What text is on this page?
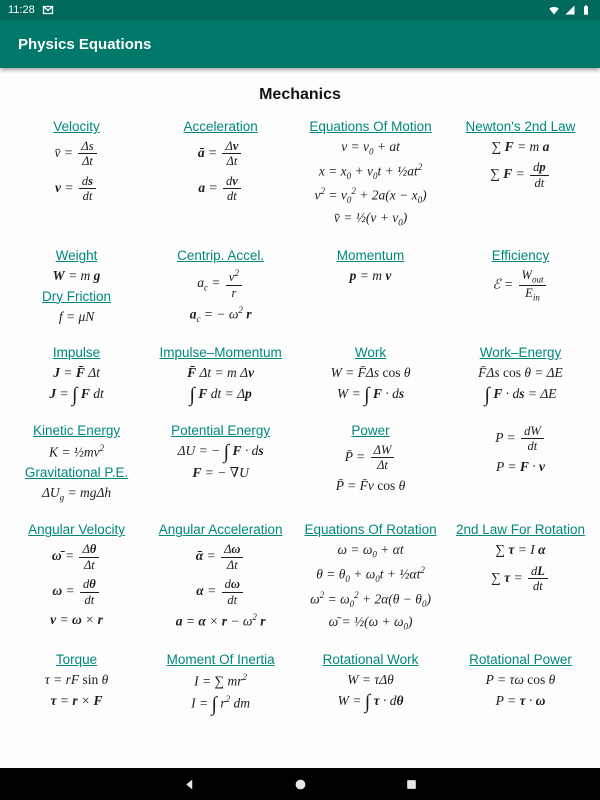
11:28
Physics Equations
Mechanics
Velocity
v̄ = $\frac{\Delta s}{\Delta t}$
$v = \frac{ds}{dt}$
Acceleration
ā = $\frac{\Delta v}{\Delta t}$
$a = \frac{dv}{dt}$
Equations Of Motion
$v = v_0$ + at
$x = x_0 + v_0t$ + $\frac{1}{2}at^2$
$v^2 = v_0^2 + 2a(x - x_0)$
v̄ = ½(v + $v_0$)
Newton's 2nd Law
∑ F = m a
∑ $F = \frac{dp}{dt}$
Weight
W = m g
Dry Friction
f = μN
Centrip. Accel.
$a_c = \frac{v^2}{r}$
$a_c$ = − $\omega^2$ r
Momentum
p = m v
Efficiency
ℰ =
$W_{out}$
$E_{in}$
Impulse
J = F̄ Δt
J = ∫ F dt
Impulse–Momentum
F̄ Δt = m Δv
∫ F dt = Δp
Work
W = F̄Δs cos θ
W = ∫ F · ds
Work–Energy
F̄Δs cos θ = ΔE
∫ F · ds = ΔE
Kinetic Energy
$K = \frac{1}{2}mv^2$
Gravitational P.E.
$\Delta U_g = mg\Delta h$
Potential Energy
ΔU = − ∫ F · ds
F = − ∇U
Power
P̄ = $\frac{\Delta W}{\Delta t}$
P̄ = F̄v cos θ
$P = \frac{dW}{dt}$
P = F · v
Angular Velocity
ω̄ = $\frac{\Delta\theta}{\Delta t}$
$\omega = \frac{d\theta}{dt}$
v = ω × r
Angular Acceleration
ᾱ = $\frac{\Delta\omega}{\Delta t}$
$\alpha = \frac{d\omega}{dt}$
$a = \alpha \times r - \omega^2$ r
Equations Of Rotation
$\omega = \omega_0 + \alpha t$
$\theta = \theta_0 + \omega_0t$ + $\frac{1}{2}\alpha t^2$
$\omega^2 = \omega_0^2 + 2\alpha(\theta - \theta_0)$
ω̄ = ½(ω + $\omega_0$)
2nd Law For Rotation
∑ τ = I α
∑ $\tau = \frac{dL}{dt}$
Torque
τ = rF sin θ
τ = r × F
Moment Of Inertia
I = ∑ $mr^2$
I = ∫ $r^2$ dm
Rotational Work
W = τΔθ
W = ∫ τ · dθ
Rotational Power
P = τω cos θ
P = τ · ω
